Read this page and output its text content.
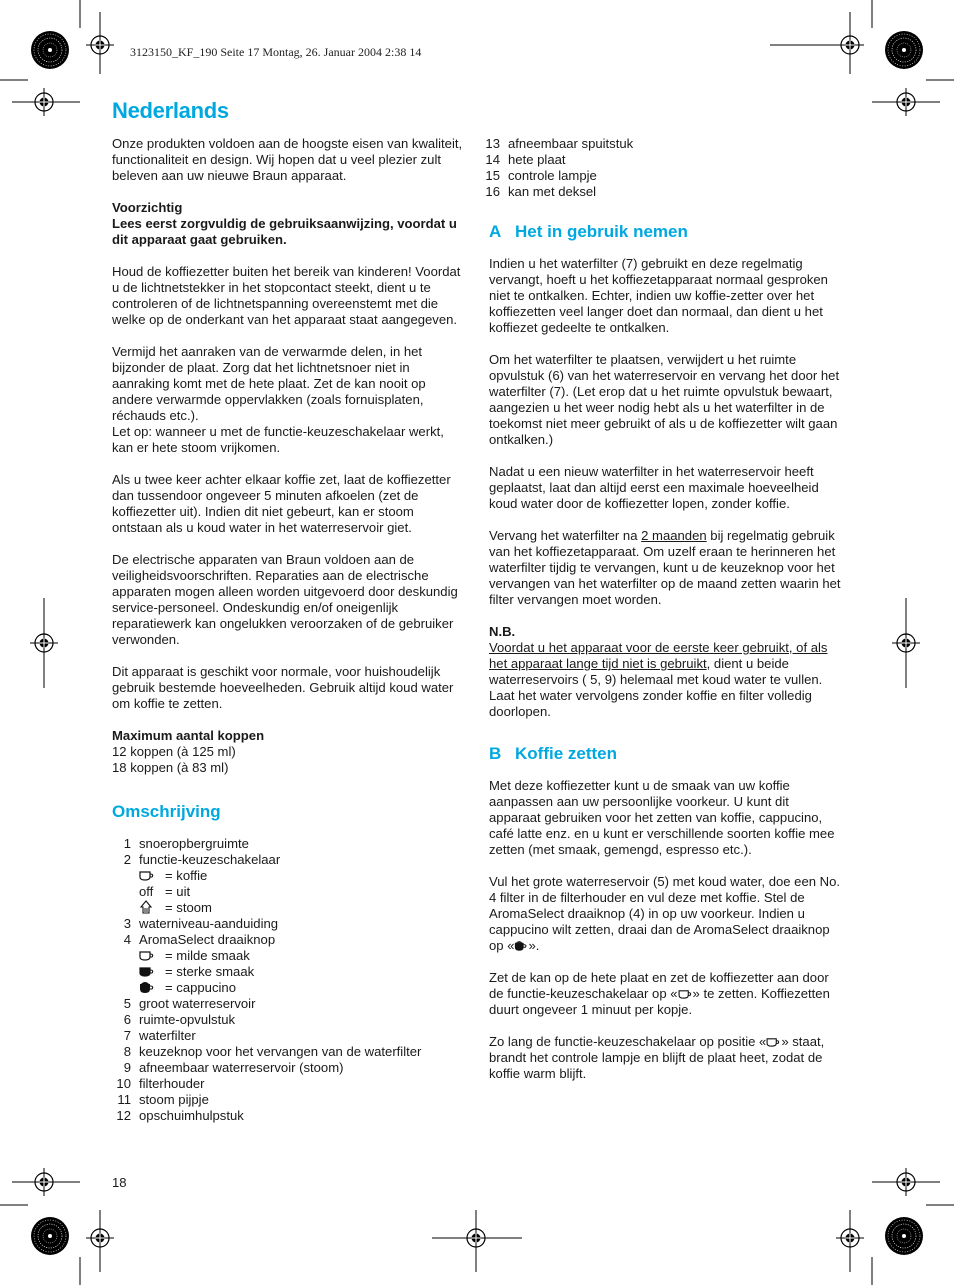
3123150_KF_190 Seite 17 Montag, 26. Januar 2004 2:38 14
Nederlands

Onze produkten voldoen aan de hoogste eisen van kwaliteit, functionaliteit en design. Wij hopen dat u veel plezier zult beleven aan uw nieuwe Braun apparaat.

Voorzichtig
Lees eerst zorgvuldig de gebruiksaanwijzing, voordat u dit apparaat gaat gebruiken.

Houd de koffiezetter buiten het bereik van kinderen! Voordat u de lichtnetstekker in het stopcontact steekt, dient u te controleren of de lichtnetspanning overeenstemt met die welke op de onderkant van het apparaat staat aangegeven.

Vermijd het aanraken van de verwarmde delen, in het bijzonder de plaat. Zorg dat het lichtnetsnoer niet in aanraking komt met de hete plaat. Zet de kan nooit op andere verwarmde oppervlakken (zoals fornuisplaten, réchauds etc.).
Let op: wanneer u met de functie-keuzeschakelaar werkt, kan er hete stoom vrijkomen.

Als u twee keer achter elkaar koffie zet, laat de koffiezetter dan tussendoor ongeveer 5 minuten afkoelen (zet de koffiezetter uit). Indien dit niet gebeurt, kan er stoom ontstaan als u koud water in het waterreservoir giet.

De electrische apparaten van Braun voldoen aan de veiligheidsvoorschriften. Reparaties aan de electrische apparaten mogen alleen worden uitgevoerd door deskundig service-personeel. Ondeskundig en/of oneigenlijk reparatiewerk kan ongelukken veroorzaken of de gebruiker verwonden.

Dit apparaat is geschikt voor normale, voor huishoudelijk gebruik bestemde hoeveelheden. Gebruik altijd koud water om koffie te zetten.

Maximum aantal koppen
12 koppen (à 125 ml)
18 koppen (à 83 ml)

Omschrijving
1 snoeropbergruimte
2 functie-keuzeschakelaar
= koffie
off = uit
= stoom
3 waterniveau-aanduiding
4 AromaSelect draaiknop
= milde smaak
= sterke smaak
= cappucino
5 groot waterreservoir
6 ruimte-opvulstuk
7 waterfilter
8 keuzeknop voor het vervangen van de waterfilter
9 afneembaar waterreservoir (stoom)
10 filterhouder
11 stoom pijpje
12 opschuimhulpstuk
13 afneembaar spuitstuk
14 hete plaat
15 controle lampje
16 kan met deksel
A Het in gebruik nemen

Indien u het waterfilter (7) gebruikt en deze regelmatig vervangt, hoeft u het koffiezetapparaat normaal gesproken niet te ontkalken. Echter, indien uw koffie-zetter over het koffiezetten veel langer doet dan normaal, dan dient u het koffiezet gedeelte te ontkalken.

Om het waterfilter te plaatsen, verwijdert u het ruimte opvulstuk (6) van het waterreservoir en vervang het door het waterfilter (7). (Let erop dat u het ruimte opvulstuk bewaart, aangezien u het weer nodig hebt als u het waterfilter in de toekomst niet meer gebruikt of als u de koffiezetter wilt gaan ontkalken.)

Nadat u een nieuw waterfilter in het waterreservoir heeft geplaatst, laat dan altijd eerst een maximale hoeveelheid koud water door de koffiezetter lopen, zonder koffie.

Vervang het waterfilter na 2 maanden bij regelmatig gebruik van het koffiezetapparaat. Om uzelf eraan te herinneren het waterfilter tijdig te vervangen, kunt u de keuzeknop voor het vervangen van het waterfilter op de maand zetten waarin het filter vervangen moet worden.

N.B.
Voordat u het apparaat voor de eerste keer gebruikt, of als het apparaat lange tijd niet is gebruikt, dient u beide waterreservoirs ( 5, 9) helemaal met koud water te vullen. Laat het water vervolgens zonder koffie en filter volledig doorlopen.

B Koffie zetten

Met deze koffiezetter kunt u de smaak van uw koffie aanpassen aan uw persoonlijke voorkeur. U kunt dit apparaat gebruiken voor het zetten van koffie, cappucino, café latte enz. en u kunt er verschillende soorten koffie mee zetten (met smaak, gemengd, espresso etc.).

Vul het grote waterreservoir (5) met koud water, doe een No. 4 filter in de filterhouder en vul deze met koffie. Stel de AromaSelect draaiknop (4) in op uw voorkeur. Indien u cappucino wilt zetten, draai dan de AromaSelect draaiknop op « ».

Zet de kan op de hete plaat en zet de koffiezetter aan door de functie-keuzeschakelaar op « » te zetten. Koffiezetten duurt ongeveer 1 minuut per kopje.

Zo lang de functie-keuzeschakelaar op positie « » staat, brandt het controle lampje en blijft de plaat heet, zodat de koffie warm blijft.

18
